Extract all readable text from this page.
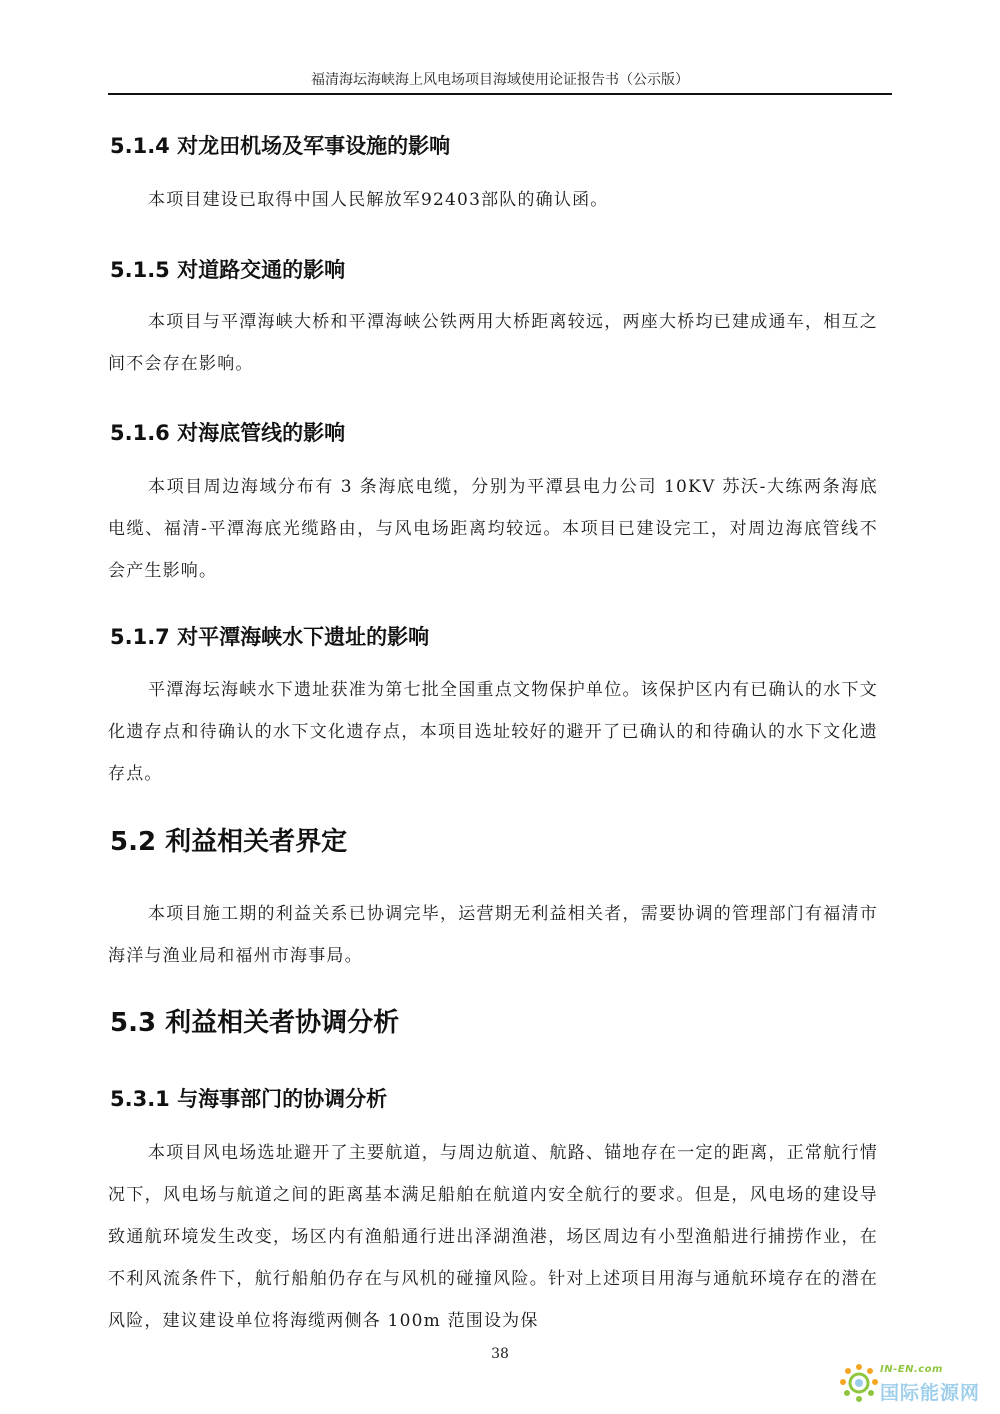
福清海坛海峡海上风电场项目海域使用论证报告书（公示版）
5.1.4 对龙田机场及军事设施的影响
本项目建设已取得中国人民解放军92403部队的确认函。
5.1.5 对道路交通的影响
本项目与平潭海峡大桥和平潭海峡公铁两用大桥距离较远，两座大桥均已建成通车，相互之间不会存在影响。
5.1.6 对海底管线的影响
本项目周边海域分布有 3 条海底电缆，分别为平潭县电力公司 10KV 苏沃-大练两条海底电缆、福清-平潭海底光缆路由，与风电场距离均较远。本项目已建设完工，对周边海底管线不会产生影响。
5.1.7 对平潭海峡水下遗址的影响
平潭海坛海峡水下遗址获准为第七批全国重点文物保护单位。该保护区内有已确认的水下文化遗存点和待确认的水下文化遗存点，本项目选址较好的避开了已确认的和待确认的水下文化遗存点。
5.2 利益相关者界定
本项目施工期的利益关系已协调完毕，运营期无利益相关者，需要协调的管理部门有福清市海洋与渔业局和福州市海事局。
5.3 利益相关者协调分析
5.3.1 与海事部门的协调分析
本项目风电场选址避开了主要航道，与周边航道、航路、锚地存在一定的距离，正常航行情况下，风电场与航道之间的距离基本满足船舶在航道内安全航行的要求。但是，风电场的建设导致通航环境发生改变，场区内有渔船通行进出泽湖渔港，场区周边有小型渔船进行捕捞作业，在不利风流条件下，航行船舶仍存在与风机的碰撞风险。针对上述项目用海与通航环境存在的潜在风险，建议建设单位将海缆两侧各 100m 范围设为保
38
IN-EN.com
国际能源网
